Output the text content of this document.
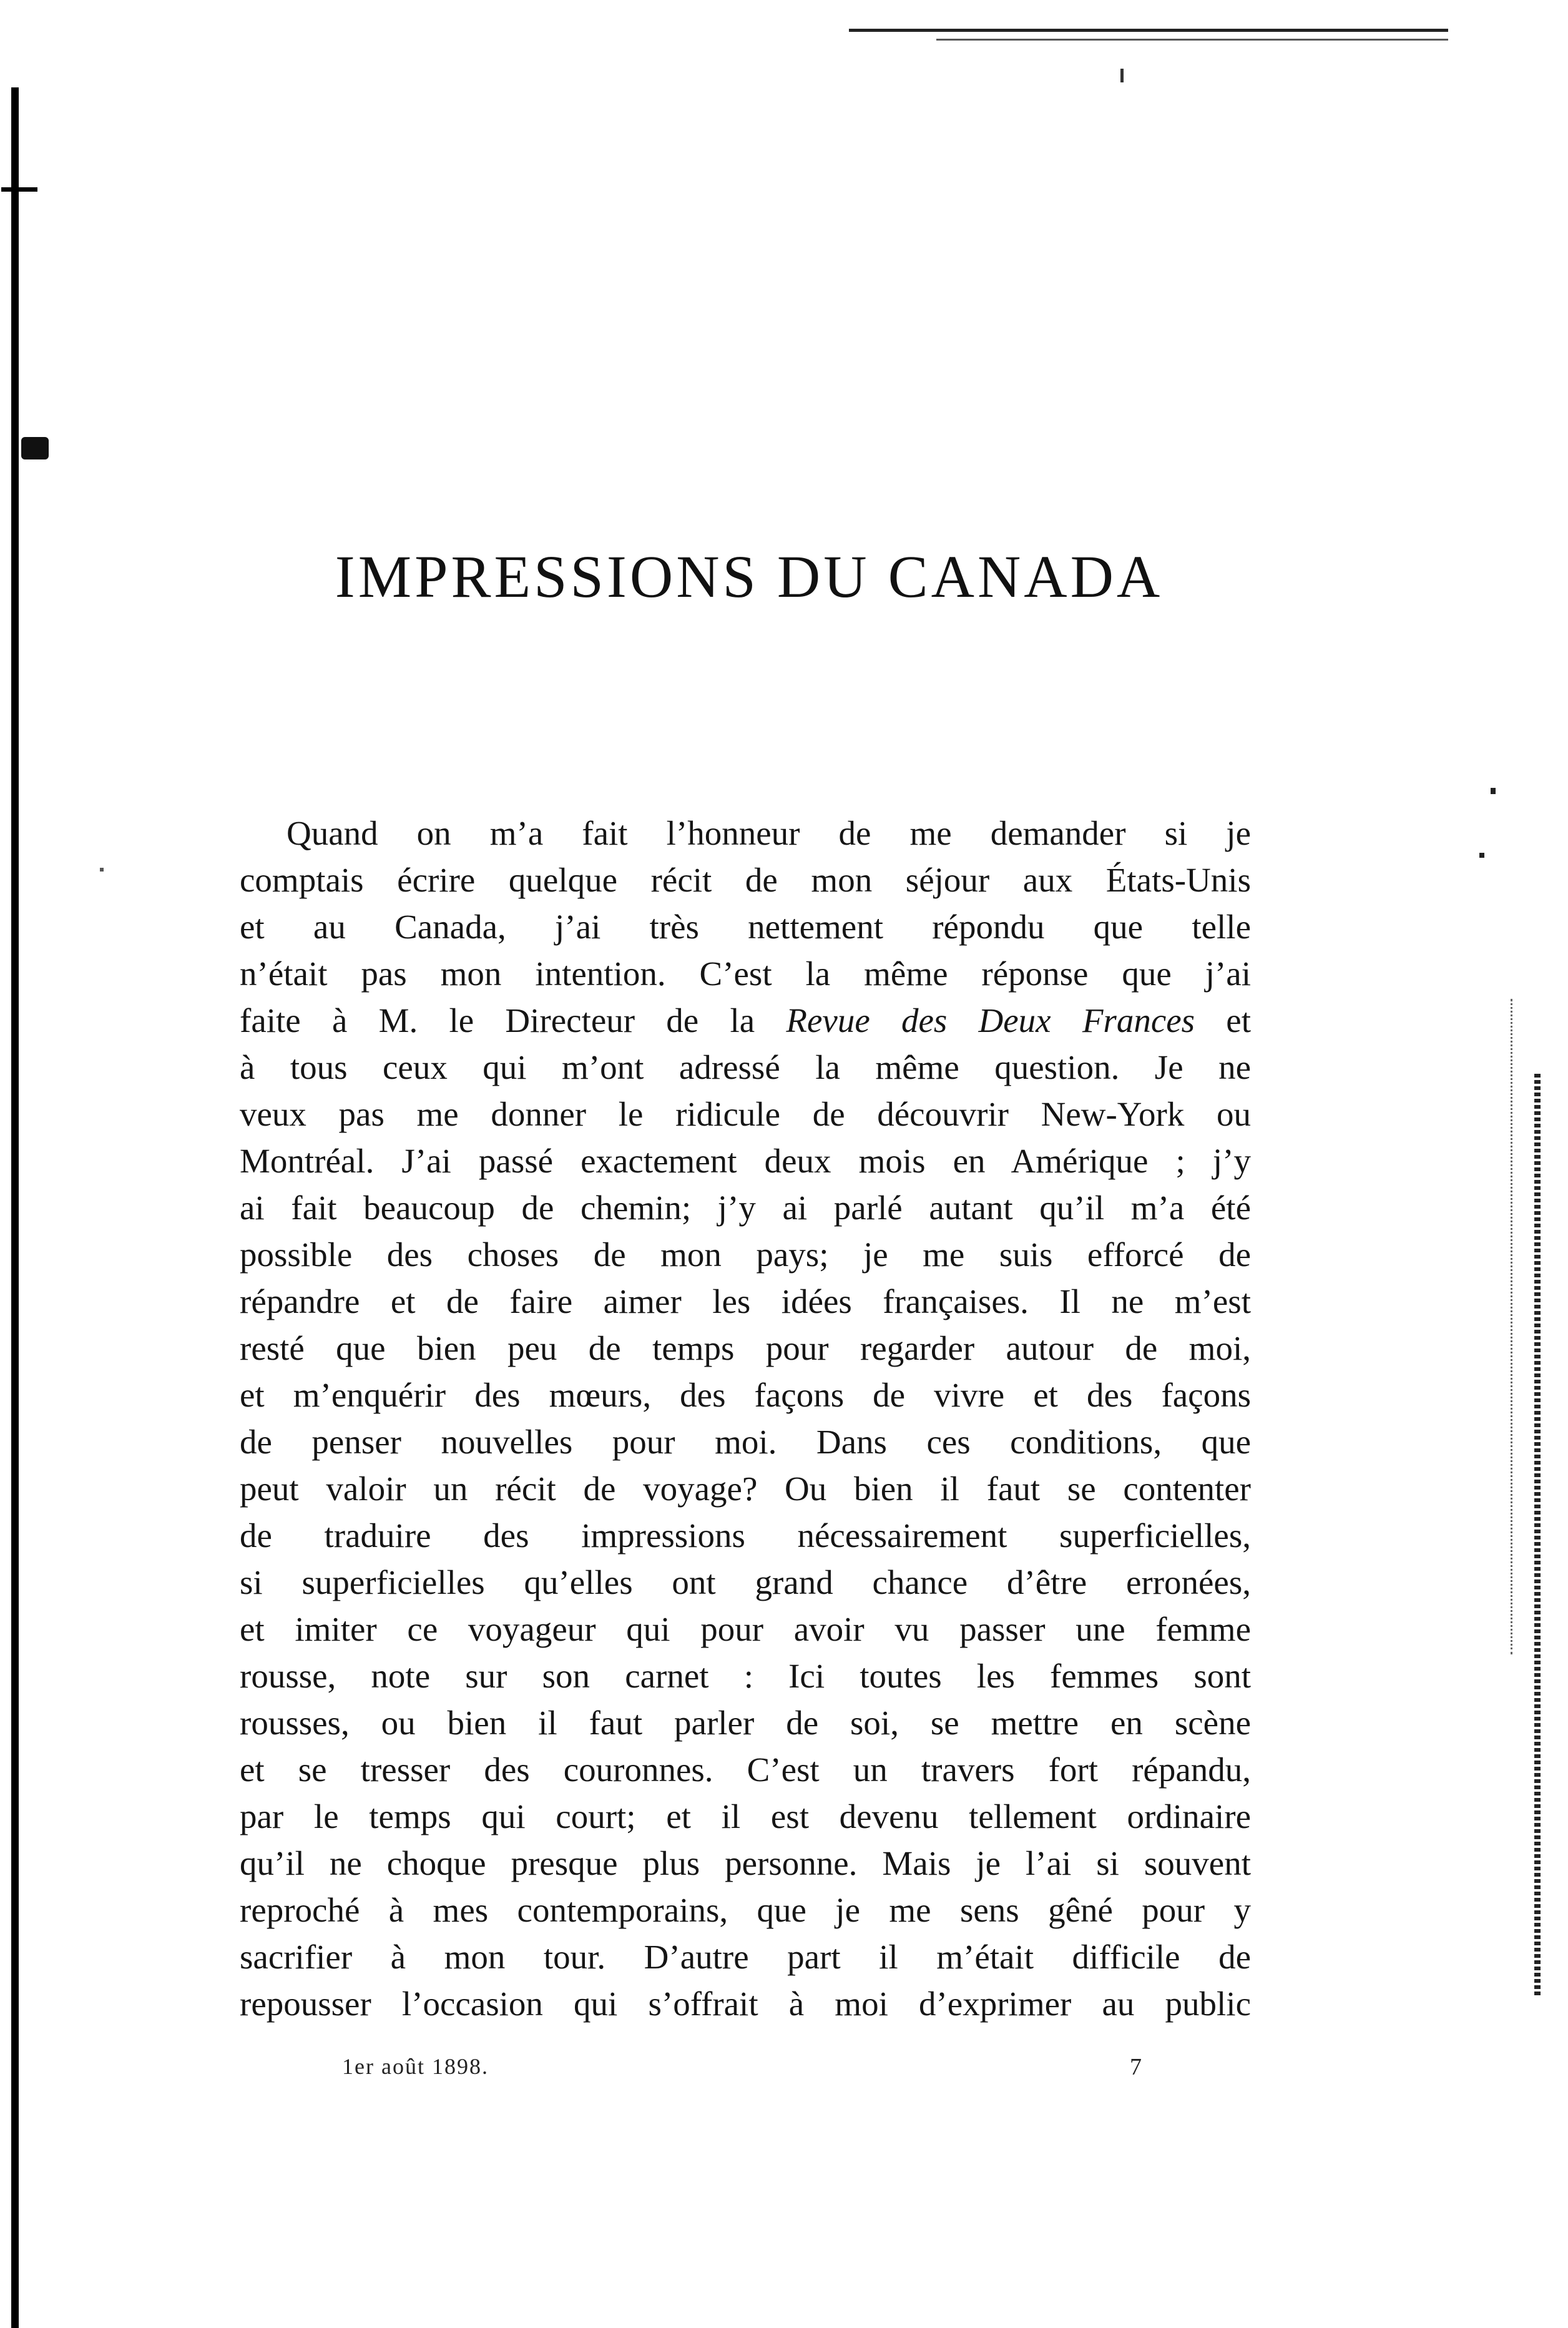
IMPRESSIONS DU CANADA
Quand on m’a fait l’honneur de me demander si je
comptais écrire quelque récit de mon séjour aux États-Unis
et au Canada, j’ai très nettement répondu que telle
n’était pas mon intention. C’est la même réponse que j’ai
faite à M. le Directeur de la Revue des Deux Frances et
à tous ceux qui m’ont adressé la même question. Je ne
veux pas me donner le ridicule de découvrir New-York ou
Montréal. J’ai passé exactement deux mois en Amérique ; j’y
ai fait beaucoup de chemin; j’y ai parlé autant qu’il m’a été
possible des choses de mon pays; je me suis efforcé de
répandre et de faire aimer les idées françaises. Il ne m’est
resté que bien peu de temps pour regarder autour de moi,
et m’enquérir des mœurs, des façons de vivre et des façons
de penser nouvelles pour moi. Dans ces conditions, que
peut valoir un récit de voyage? Ou bien il faut se contenter
de traduire des impressions nécessairement superficielles,
si superficielles qu’elles ont grand chance d’être erronées,
et imiter ce voyageur qui pour avoir vu passer une femme
rousse, note sur son carnet : Ici toutes les femmes sont
rousses, ou bien il faut parler de soi, se mettre en scène
et se tresser des couronnes. C’est un travers fort répandu,
par le temps qui court; et il est devenu tellement ordinaire
qu’il ne choque presque plus personne. Mais je l’ai si souvent
reproché à mes contemporains, que je me sens gêné pour y
sacrifier à mon tour. D’autre part il m’était difficile de
repousser l’occasion qui s’offrait à moi d’exprimer au public
1er août 1898.	7
